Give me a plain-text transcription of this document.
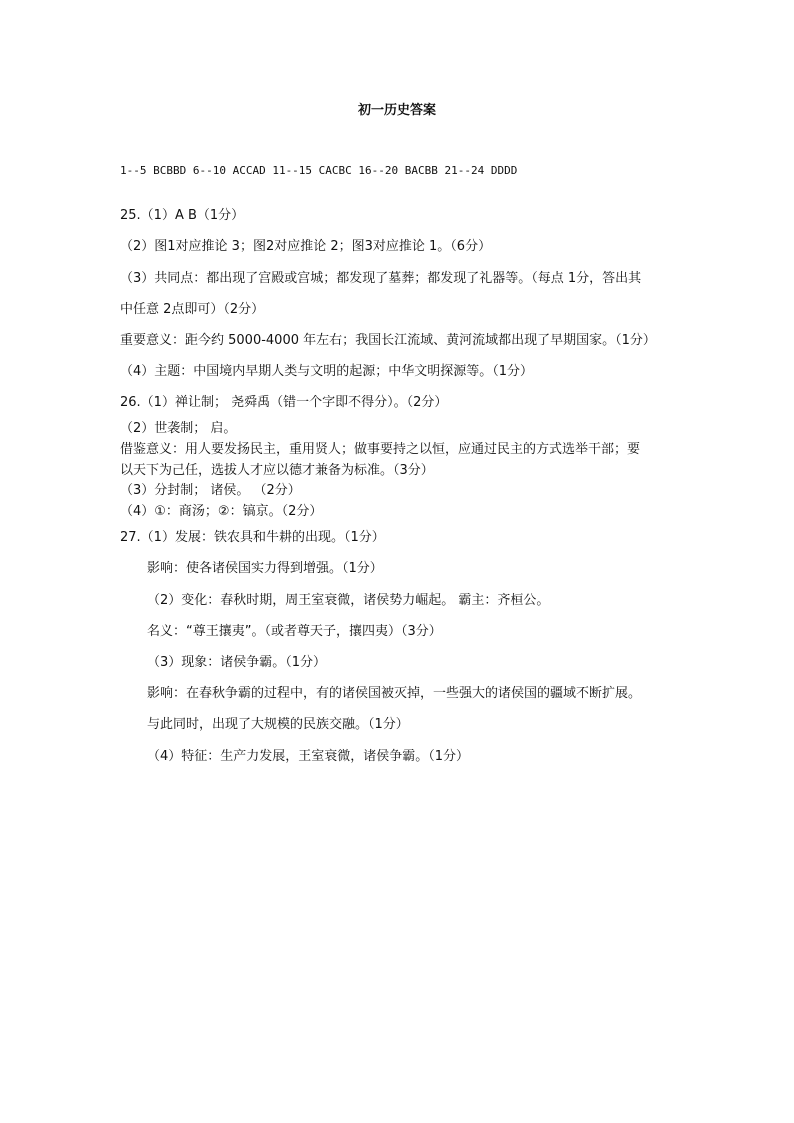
初一历史答案
1--5 BCBBD 6--10 ACCAD 11--15 CACBC 16--20 BACBB 21--24 DDDD
25.（1）A B（1分）
（2）图1对应推论 3；图2对应推论 2；图3对应推论 1。（6分）
（3）共同点：都出现了宫殿或宫城；都发现了墓葬；都发现了礼器等。（每点 1分，答出其
中任意 2点即可）（2分）
重要意义：距今约 5000-4000 年左右；我国长江流域、黄河流域都出现了早期国家。（1分）
（4）主题：中国境内早期人类与文明的起源；中华文明探源等。（1分）
26.（1）禅让制； 尧舜禹（错一个字即不得分）。（2分）
（2）世袭制； 启。
借鉴意义：用人要发扬民主，重用贤人；做事要持之以恒，应通过民主的方式选举干部；要
以天下为己任，选拔人才应以德才兼备为标准。（3分）
（3）分封制； 诸侯。 （2分）
（4）①：商汤；②：镐京。（2分）
27.（1）发展：铁农具和牛耕的出现。（1分）
影响：使各诸侯国实力得到增强。（1分）
（2）变化：春秋时期，周王室衰微，诸侯势力崛起。 霸主：齐桓公。
名义：“尊王攘夷”。（或者尊天子，攘四夷）（3分）
（3）现象：诸侯争霸。（1分）
影响：在春秋争霸的过程中，有的诸侯国被灭掉，一些强大的诸侯国的疆域不断扩展。
与此同时，出现了大规模的民族交融。（1分）
（4）特征：生产力发展，王室衰微，诸侯争霸。（1分）
